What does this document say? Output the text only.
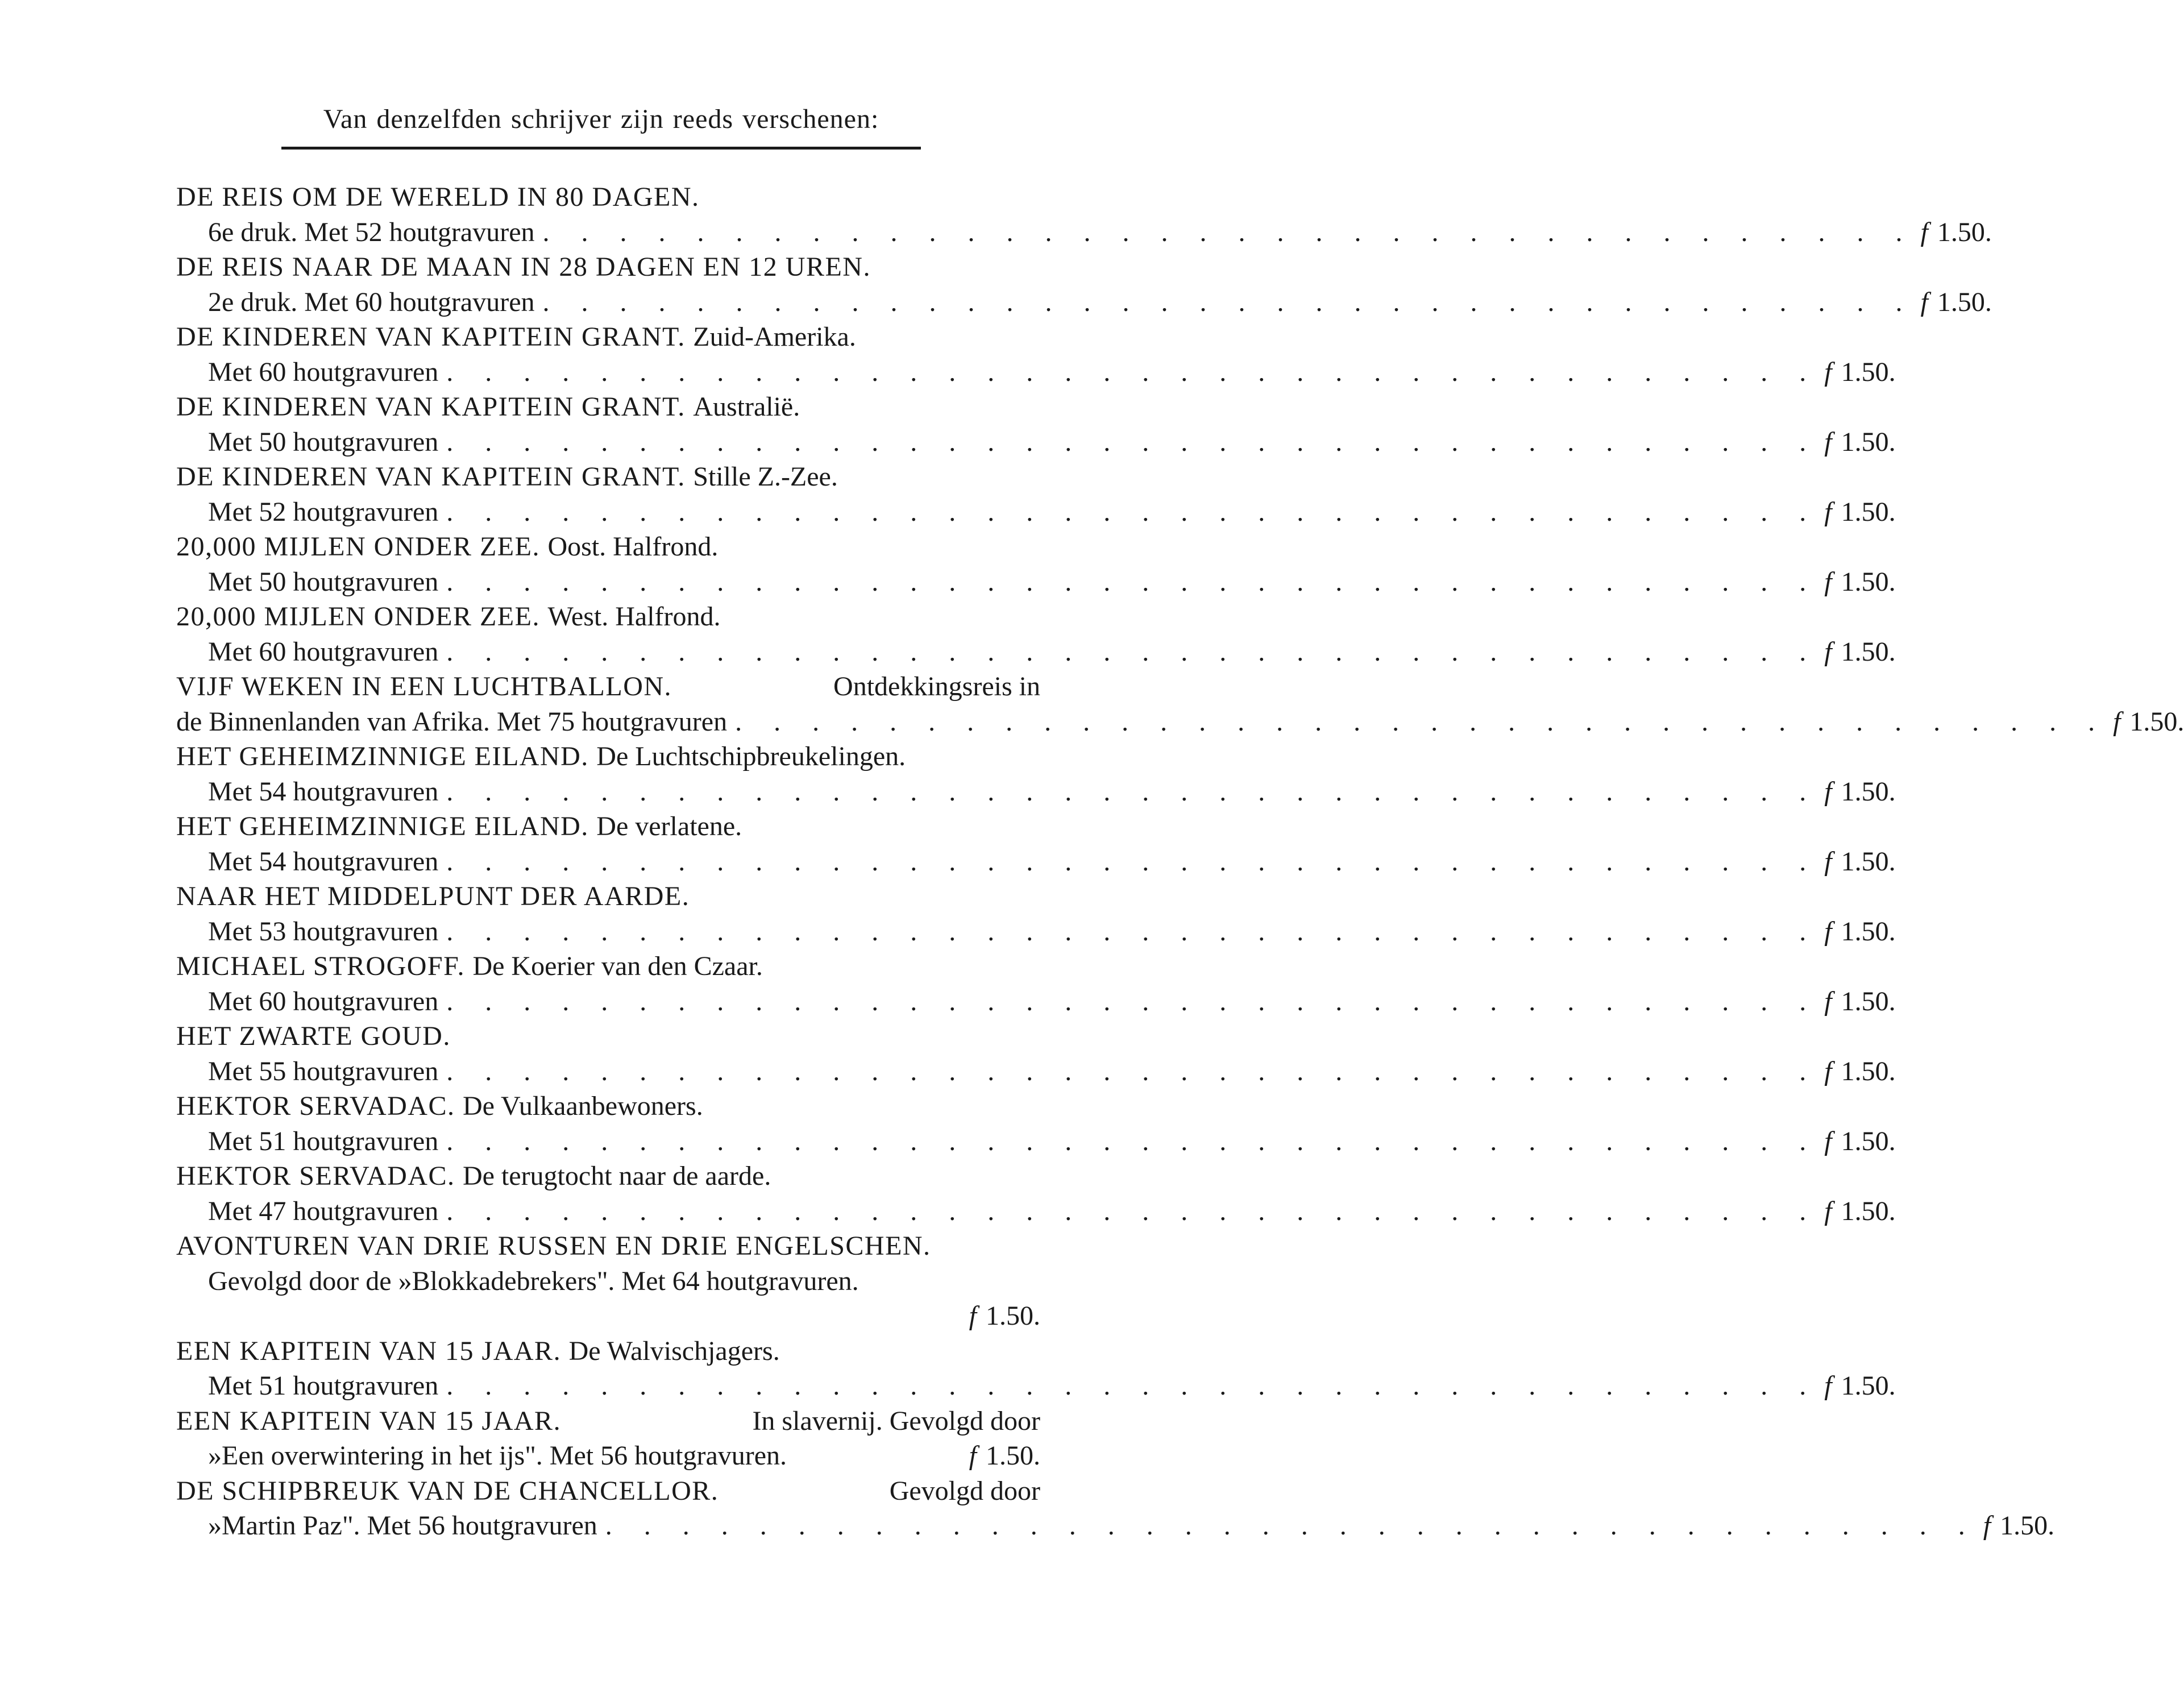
Van denzelfden schrijver zijn reeds verschenen:
DE REIS OM DE WERELD IN 80 DAGEN.
6e druk. Met 52 houtgravuren . . . . . . . . . . . . . . . . . . . . . . . . . . . . . . . . . . . . f 1.50.
DE REIS NAAR DE MAAN IN 28 DAGEN EN 12 UREN.
2e druk. Met 60 houtgravuren . . . . . . . . . . . . . . . . . . . . . . . . . . . . . . . . . . . . f 1.50.
DE KINDEREN VAN KAPITEIN GRANT. Zuid-Amerika.
Met 60 houtgravuren . . . . . . . . . . . . . . . . . . . . . . . . . . . . . . . . . . . . f 1.50.
DE KINDEREN VAN KAPITEIN GRANT. Australië.
Met 50 houtgravuren . . . . . . . . . . . . . . . . . . . . . . . . . . . . . . . . . . . . f 1.50.
DE KINDEREN VAN KAPITEIN GRANT. Stille Z.-Zee.
Met 52 houtgravuren . . . . . . . . . . . . . . . . . . . . . . . . . . . . . . . . . . . . f 1.50.
20,000 MIJLEN ONDER ZEE. Oost. Halfrond.
Met 50 houtgravuren . . . . . . . . . . . . . . . . . . . . . . . . . . . . . . . . . . . . f 1.50.
20,000 MIJLEN ONDER ZEE. West. Halfrond.
Met 60 houtgravuren . . . . . . . . . . . . . . . . . . . . . . . . . . . . . . . . . . . . f 1.50.
VIJF WEKEN IN EEN LUCHTBALLON.	Ontdekkingsreis in
de Binnenlanden van Afrika. Met 75 houtgravuren . . . . . . . . . . . . . . . . . . . . . . . . . . . . . . . . . . . . f 1.50.
HET GEHEIMZINNIGE EILAND. De Luchtschipbreukelingen.
Met 54 houtgravuren . . . . . . . . . . . . . . . . . . . . . . . . . . . . . . . . . . . . f 1.50.
HET GEHEIMZINNIGE EILAND. De verlatene.
Met 54 houtgravuren . . . . . . . . . . . . . . . . . . . . . . . . . . . . . . . . . . . . f 1.50.
NAAR HET MIDDELPUNT DER AARDE.
Met 53 houtgravuren . . . . . . . . . . . . . . . . . . . . . . . . . . . . . . . . . . . . f 1.50.
MICHAEL STROGOFF. De Koerier van den Czaar.
Met 60 houtgravuren . . . . . . . . . . . . . . . . . . . . . . . . . . . . . . . . . . . . f 1.50.
HET ZWARTE GOUD.
Met 55 houtgravuren . . . . . . . . . . . . . . . . . . . . . . . . . . . . . . . . . . . . f 1.50.
HEKTOR SERVADAC. De Vulkaanbewoners.
Met 51 houtgravuren . . . . . . . . . . . . . . . . . . . . . . . . . . . . . . . . . . . . f 1.50.
HEKTOR SERVADAC. De terugtocht naar de aarde.
Met 47 houtgravuren . . . . . . . . . . . . . . . . . . . . . . . . . . . . . . . . . . . . f 1.50.
AVONTUREN VAN DRIE RUSSEN EN DRIE ENGELSCHEN.
Gevolgd door de »Blokkadebrekers". Met 64 houtgravuren.
f 1.50.
EEN KAPITEIN VAN 15 JAAR. De Walvischjagers.
Met 51 houtgravuren . . . . . . . . . . . . . . . . . . . . . . . . . . . . . . . . . . . . f 1.50.
EEN KAPITEIN VAN 15 JAAR.	In slavernij. Gevolgd door
»Een overwintering in het ijs". Met 56 houtgravuren.	f 1.50.
DE SCHIPBREUK VAN DE CHANCELLOR.	Gevolgd door
»Martin Paz". Met 56 houtgravuren . . . . . . . . . . . . . . . . . . . . . . . . . . . . . . . . . . . . f 1.50.
